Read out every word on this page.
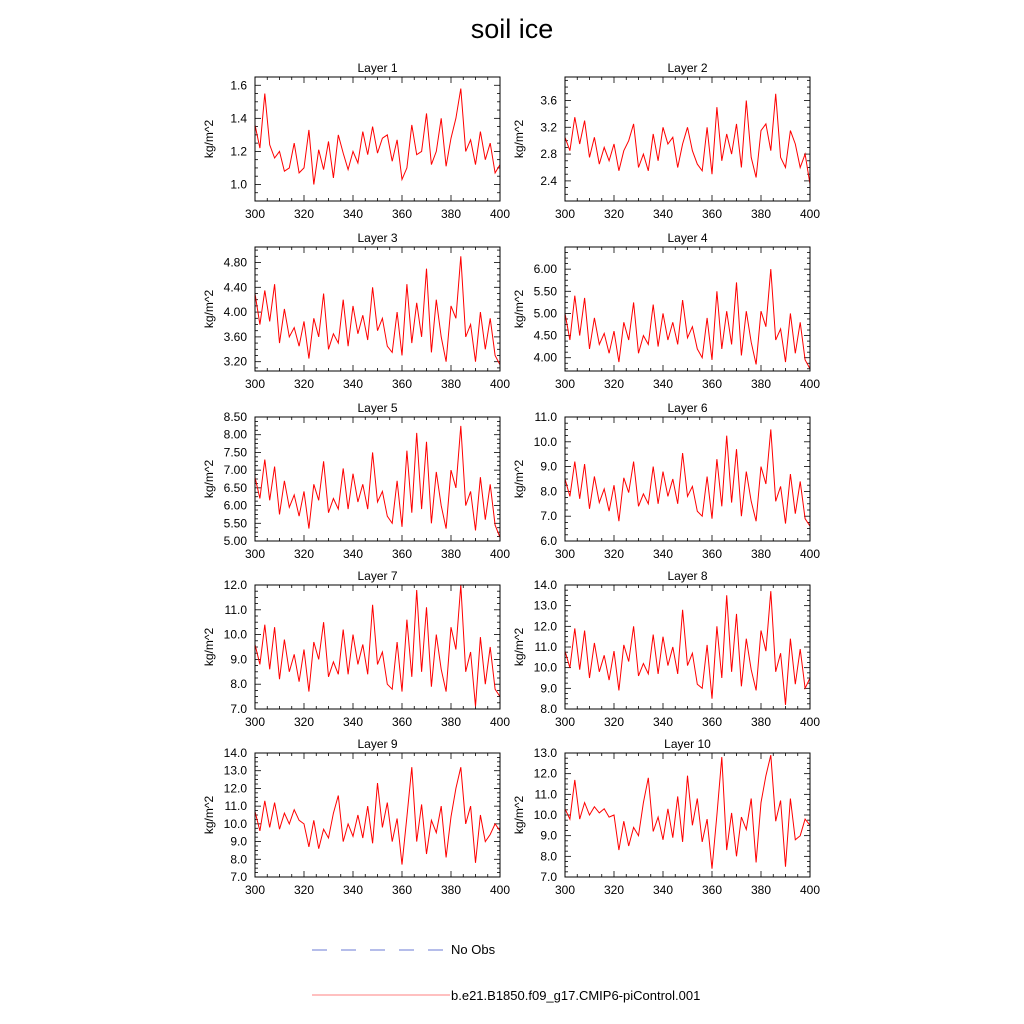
soil ice
Layer 1
kg/m^2
300 320 340 360 380 400
1.0
1.2
1.4
1.6
Layer 2
kg/m^2
300 320 340 360 380 400
2.4
2.8
3.2
3.6
Layer 3
kg/m^2
300 320 340 360 380 400
3.20
3.60
4.00
4.40
4.80
Layer 4
kg/m^2
300 320 340 360 380 400
4.00
4.50
5.00
5.50
6.00
Layer 5
kg/m^2
300 320 340 360 380 400
5.00
5.50
6.00
6.50
7.00
7.50
8.00
8.50
Layer 6
kg/m^2
300 320 340 360 380 400
6.0
7.0
8.0
9.0
10.0
11.0
Layer 7
kg/m^2
300 320 340 360 380 400
7.0
8.0
9.0
10.0
11.0
12.0
Layer 8
kg/m^2
300 320 340 360 380 400
8.0
9.0
10.0
11.0
12.0
13.0
14.0
Layer 9
kg/m^2
300 320 340 360 380 400
7.0
8.0
9.0
10.0
11.0
12.0
13.0
14.0
Layer 10
kg/m^2
300 320 340 360 380 400
7.0
8.0
9.0
10.0
11.0
12.0
13.0
No Obs
b.e21.B1850.f09_g17.CMIP6-piControl.001
